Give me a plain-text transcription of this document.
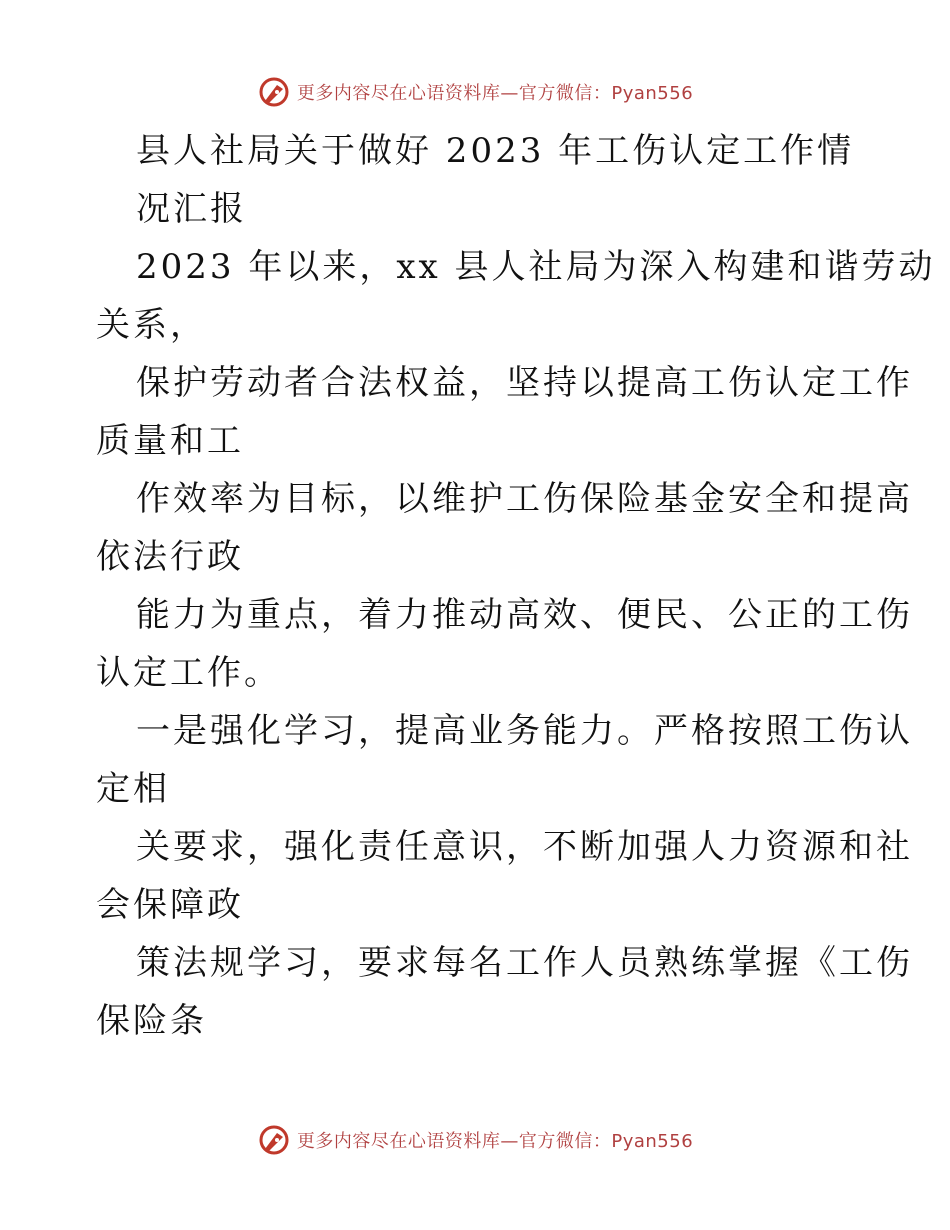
更多内容尽在心语资料库—官方微信：Pyan556
县人社局关于做好 2023 年工伤认定工作情
况汇报
2023 年以来，xx 县人社局为深入构建和谐劳动
关系，
保护劳动者合法权益，坚持以提高工伤认定工作
质量和工
作效率为目标，以维护工伤保险基金安全和提高
依法行政
能力为重点，着力推动高效、便民、公正的工伤
认定工作。
一是强化学习，提高业务能力。严格按照工伤认
定相
关要求，强化责任意识，不断加强人力资源和社
会保障政
策法规学习，要求每名工作人员熟练掌握《工伤
保险条
更多内容尽在心语资料库—官方微信：Pyan556
